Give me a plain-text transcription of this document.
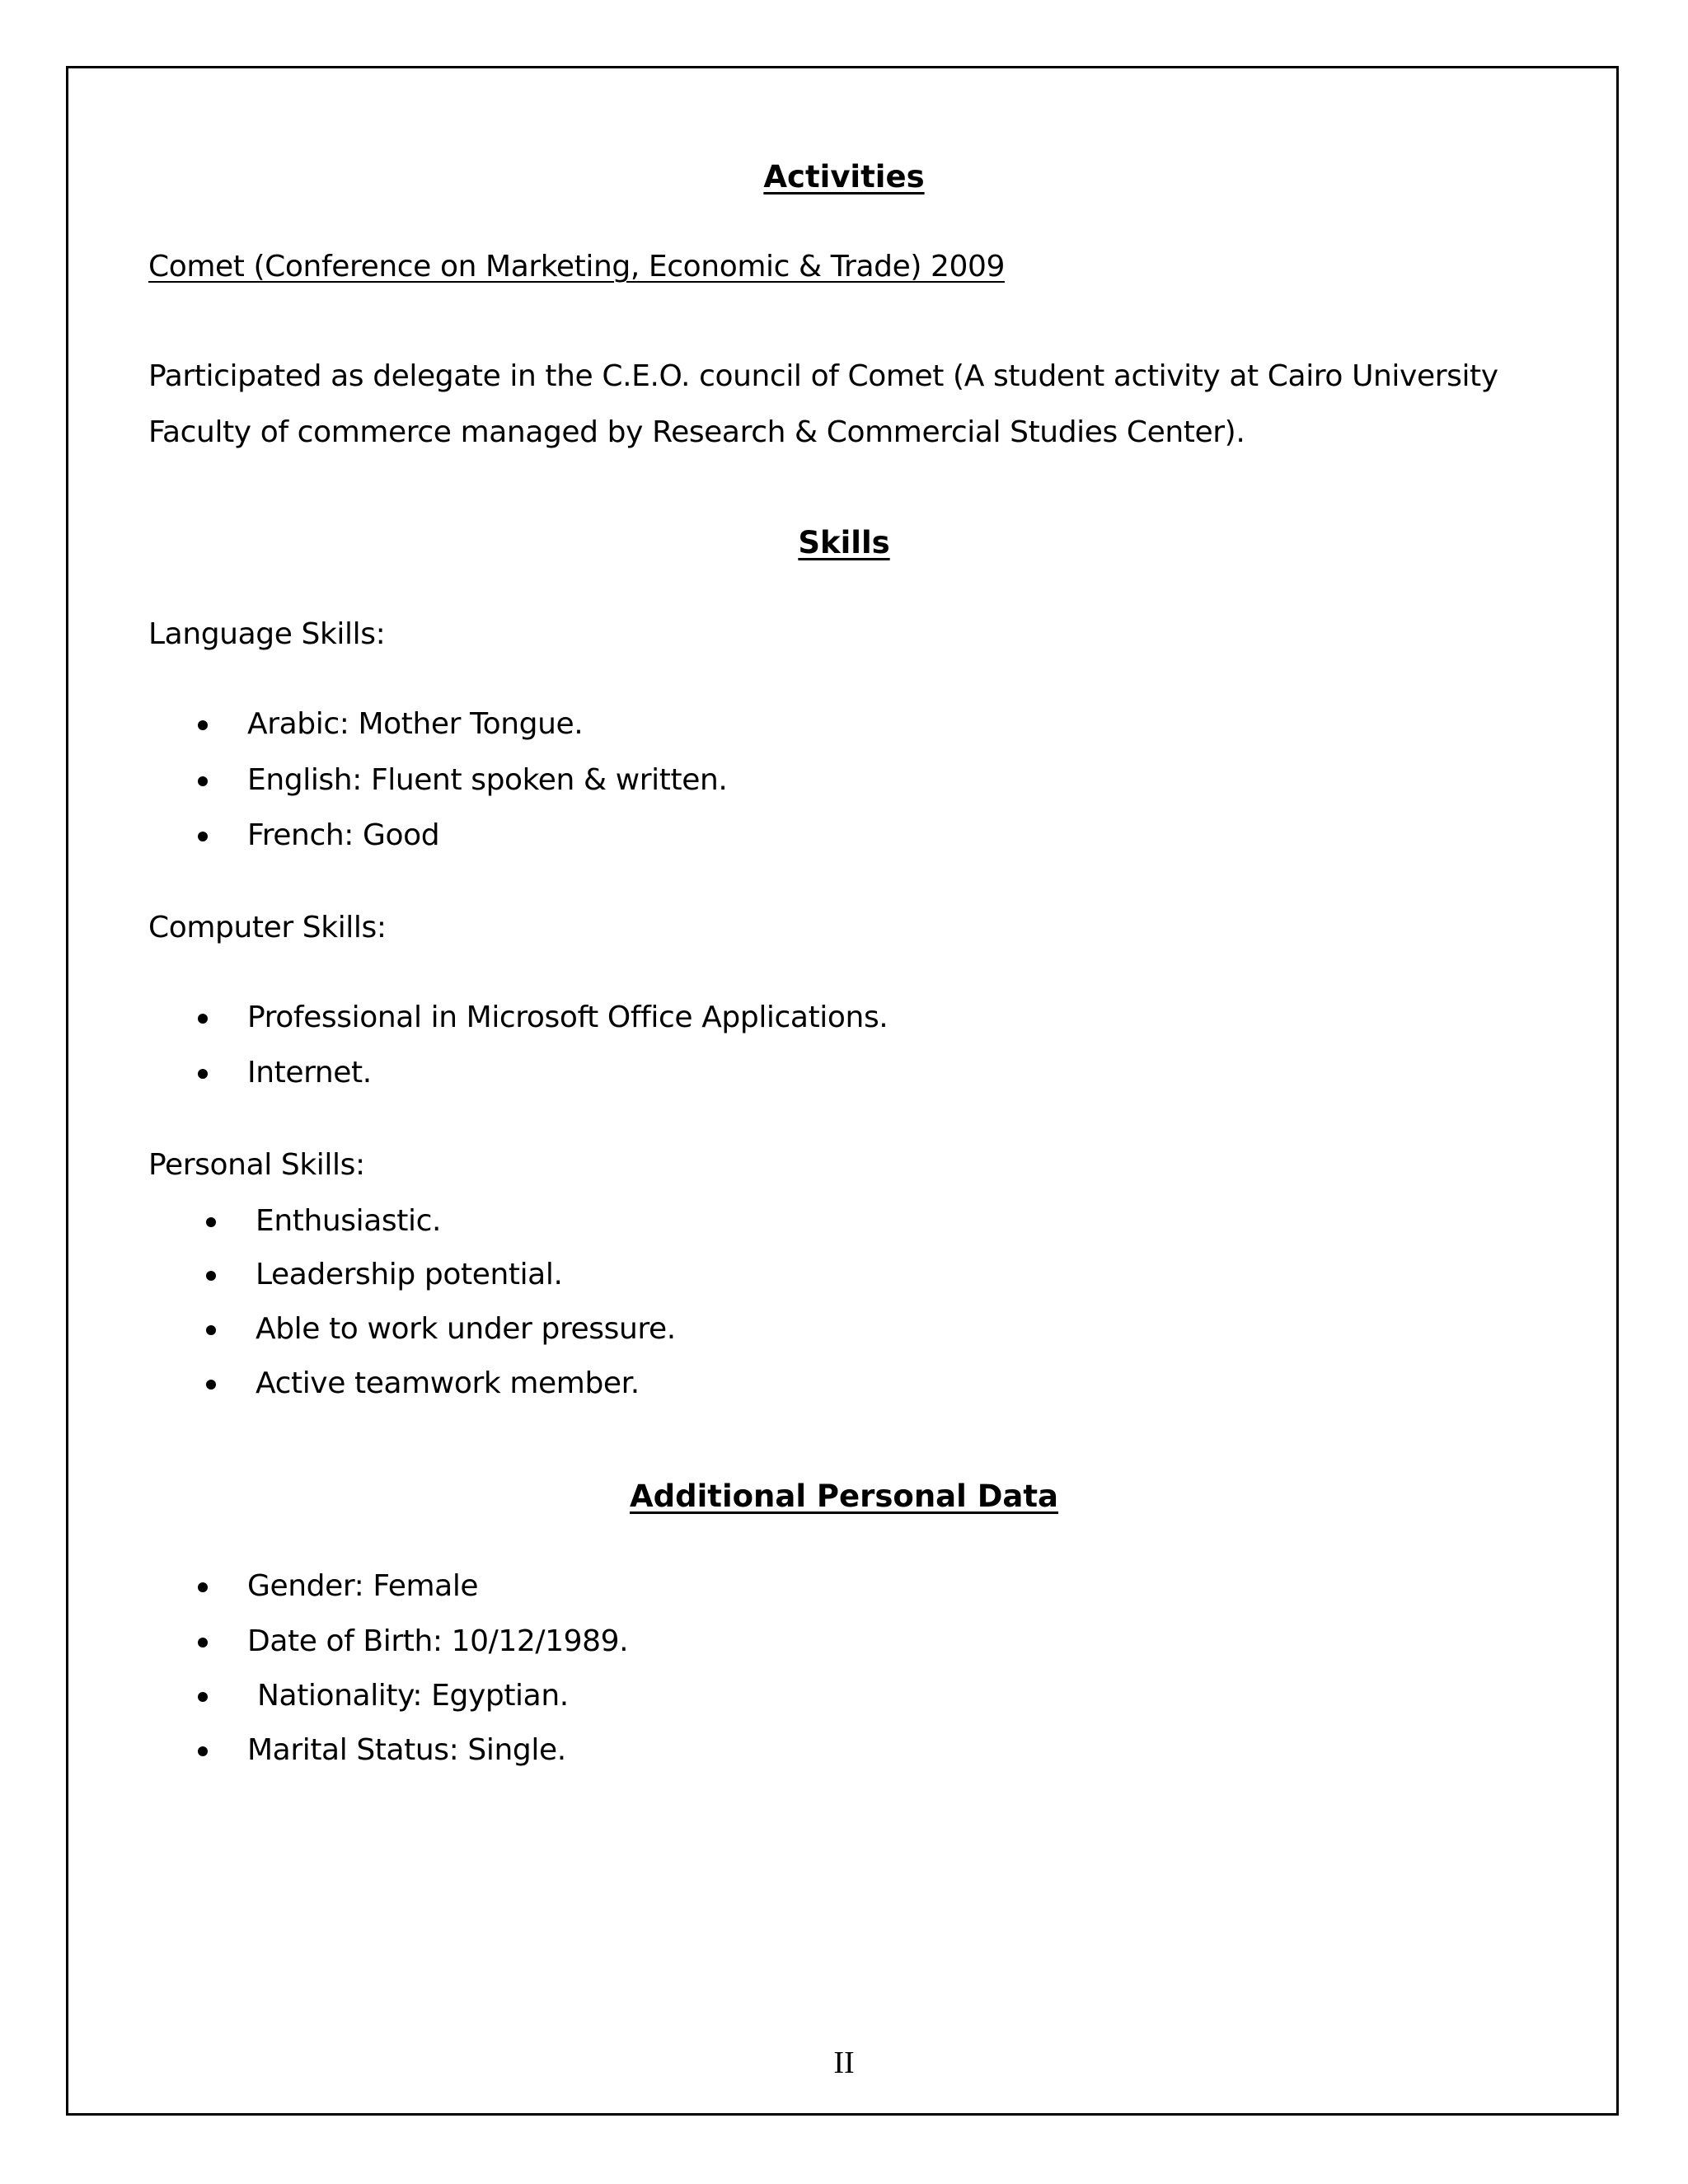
Activities
Comet (Conference on Marketing, Economic & Trade) 2009
Participated as delegate in the C.E.O. council of Comet (A student activity at Cairo University
Faculty of commerce managed by Research & Commercial Studies Center).
Skills
Language Skills:
Arabic: Mother Tongue.
English: Fluent spoken & written.
French: Good
Computer Skills:
Professional in Microsoft Office Applications.
Internet.
Personal Skills:
Enthusiastic.
Leadership potential.
Able to work under pressure.
Active teamwork member.
Additional Personal Data
Gender: Female
Date of Birth: 10/12/1989.
Nationality: Egyptian.
Marital Status: Single.
II
